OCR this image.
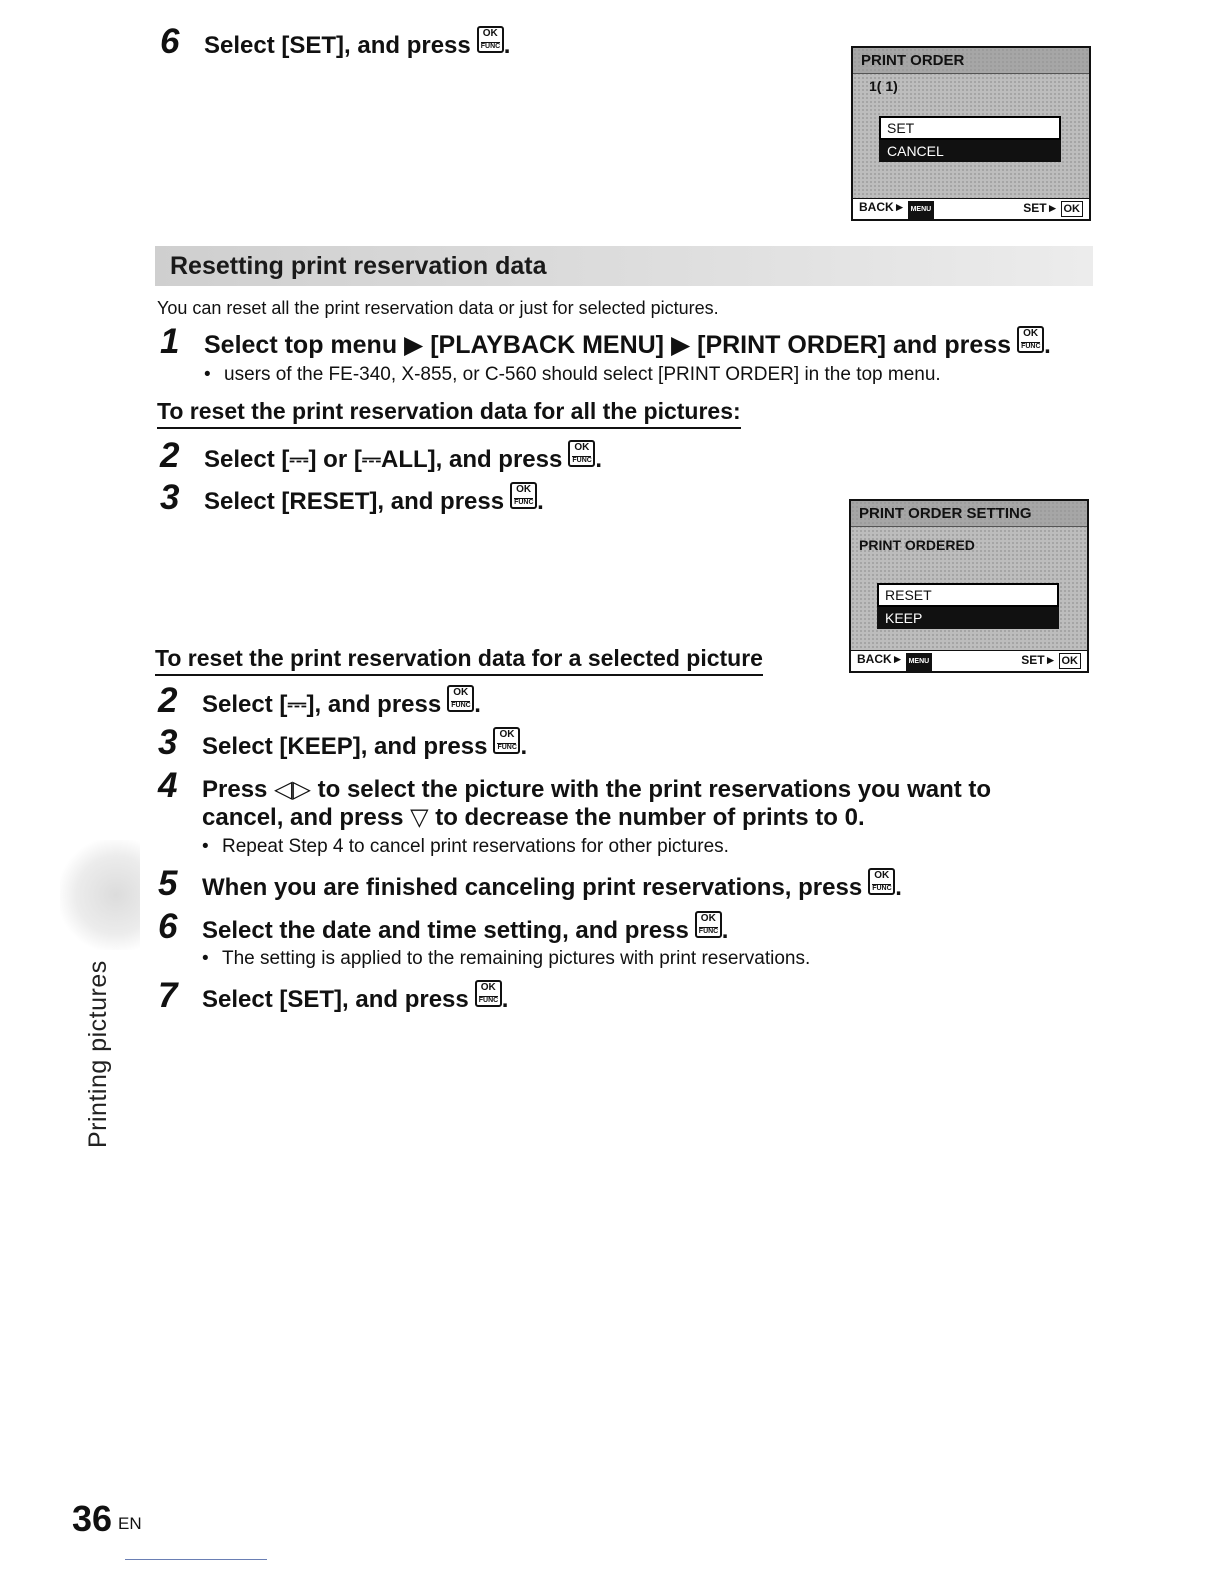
6	Select [SET], and press	OK
FUNC .
PRINT ORDER
1( 1)
SET
CANCEL
BACK► MENU	SET► OK
Resetting print reservation data
You can reset all the print reservation data or just for selected pictures.
1 Select top menu ▶ [PLAYBACK MENU] ▶ [PRINT ORDER] and press	OK
FUNC .
• users of the FE-340, X-855, or C-560 should select [PRINT ORDER] in the top menu.
To reset the print reservation data for all the pictures:
2	Select [⎓] or [⎓ALL], and press	OK
FUNC .
3	Select [RESET], and press	OK
FUNC .	PRINT ORDER SETTING
PRINT ORDERED
RESET
KEEP
BACK► MENU	SET► OK
To reset the print reservation data for a selected picture
2	Select [⎓], and press	OK
FUNC .
3	Select [KEEP], and press	OK
FUNC .
4	Press ◁▷ to select the picture with the print reservations you want to
cancel, and press ▽ to decrease the number of prints to 0.
• Repeat Step 4 to cancel print reservations for other pictures.
5	When you are finished canceling print reservations, press	OK
FUNC .
6	Select the date and time setting, and press	OK
FUNC .
• The setting is applied to the remaining pictures with print reservations.
7	Select [SET], and press	OK
FUNC .
Printing pictures
36 EN
